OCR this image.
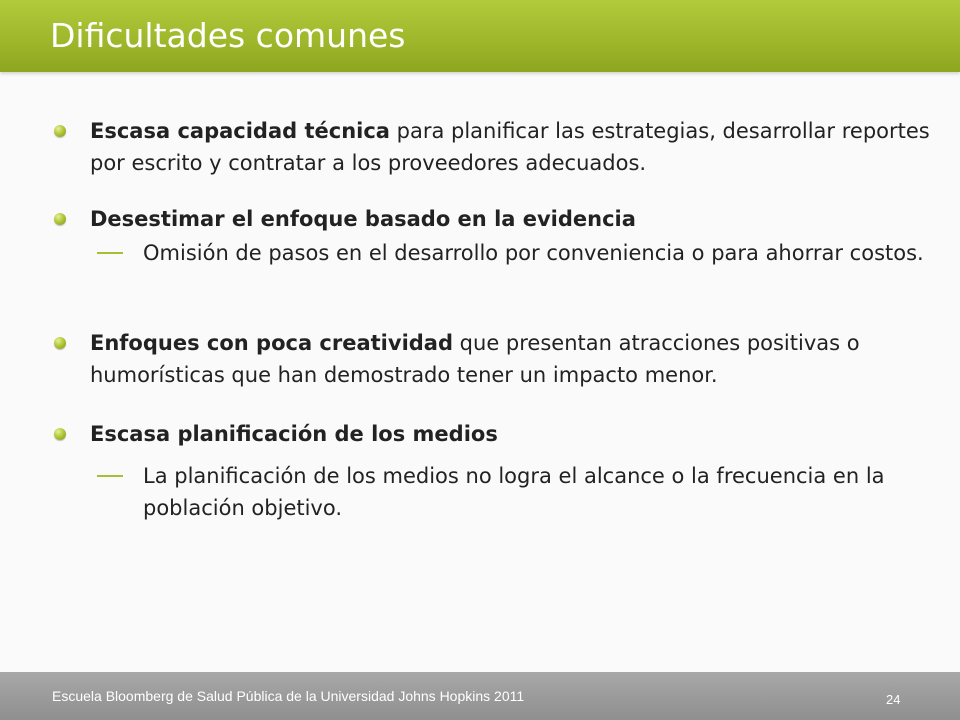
Dificultades comunes
Escasa capacidad técnica para planificar las estrategias, desarrollar reportes por escrito y contratar a los proveedores adecuados.
Desestimar el enfoque basado en la evidencia
Omisión de pasos en el desarrollo por conveniencia o para ahorrar costos.
Enfoques con poca creatividad que presentan atracciones positivas o humorísticas que han demostrado tener un impacto menor.
Escasa planificación de los medios
La planificación de los medios no logra el alcance o la frecuencia en la población objetivo.
Escuela Bloomberg de Salud Pública de la Universidad Johns Hopkins 2011	24
